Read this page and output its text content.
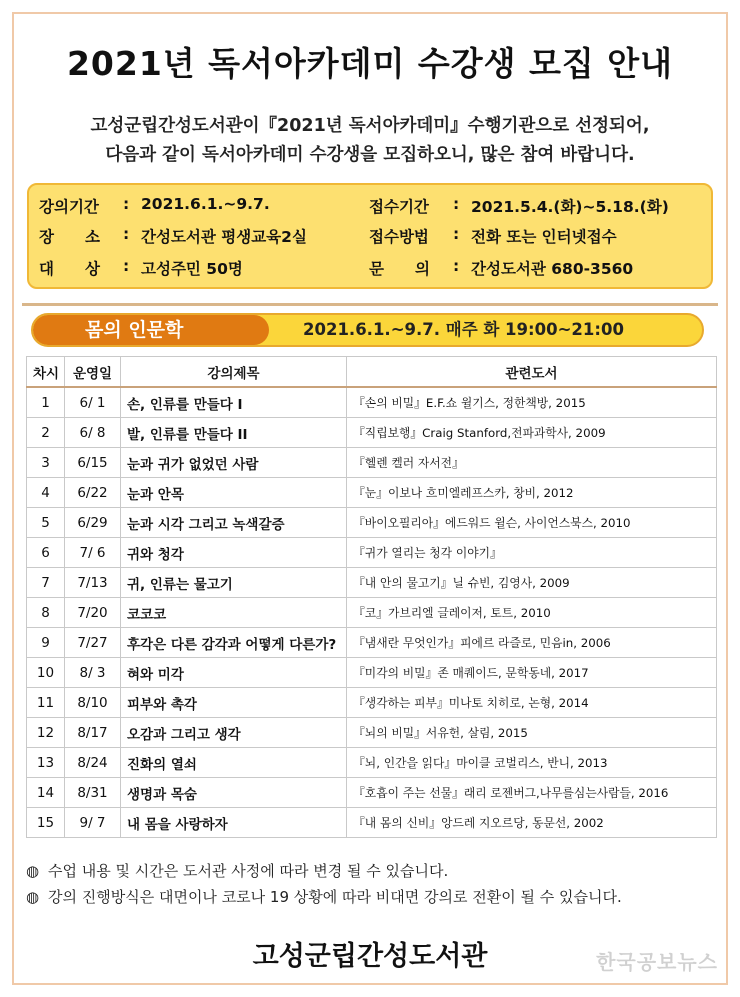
2021년 독서아카데미 수강생 모집 안내
고성군립간성도서관이『2021년 독서아카데미』수행기관으로 선정되어,
다음과 같이 독서아카데미 수강생을 모집하오니, 많은 참여 바랍니다.
강의기간 : 2021.6.1.~9.7.	접수기간 : 2021.5.4.(화)~5.18.(화)
장　　소 : 간성도서관 평생교육2실	접수방법 : 전화 또는 인터넷접수
대　　상 : 고성주민 50명	문　　의 : 간성도서관 680-3560
몸의 인문학	2021.6.1.~9.7. 매주 화 19:00~21:00
차시	운영일	강의제목	관련도서
1	6/ 1	손, 인류를 만들다 I	『손의 비밀』E.F.쇼 윌기스, 정한책방, 2015
2	6/ 8	발, 인류를 만들다 II	『직립보행』Craig Stanford,전파과학사, 2009
3	6/15	눈과 귀가 없었던 사람	『헬렌 켈러 자서전』
4	6/22	눈과 안목	『눈』이보나 흐미엘레프스카, 창비, 2012
5	6/29	눈과 시각 그리고 녹색갈증	『바이오필리아』에드워드 윌슨, 사이언스북스, 2010
6	7/ 6	귀와 청각	『귀가 열리는 청각 이야기』
7	7/13	귀, 인류는 물고기	『내 안의 물고기』닐 슈빈, 김영사, 2009
8	7/20	코코코	『코』가브리엘 글레이저, 토트, 2010
9	7/27	후각은 다른 감각과 어떻게 다른가?	『냄새란 무엇인가』피에르 라즐로, 민음in, 2006
10	8/ 3	혀와 미각	『미각의 비밀』존 매퀘이드, 문학동네, 2017
11	8/10	피부와 촉각	『생각하는 피부』미나토 치히로, 논형, 2014
12	8/17	오감과 그리고 생각	『뇌의 비밀』서유헌, 살림, 2015
13	8/24	진화의 열쇠	『뇌, 인간을 읽다』마이클 코벌리스, 반니, 2013
14	8/31	생명과 목숨	『호흡이 주는 선물』래리 로젠버그,나무를심는사람들, 2016
15	9/ 7	내 몸을 사랑하자	『내 몸의 신비』앙드레 지오르당, 동문선, 2002
◍ 수업 내용 및 시간은 도서관 사정에 따라 변경 될 수 있습니다.
◍ 강의 진행방식은 대면이나 코로나 19 상황에 따라 비대면 강의로 전환이 될 수 있습니다.
고성군립간성도서관	한국공보뉴스
